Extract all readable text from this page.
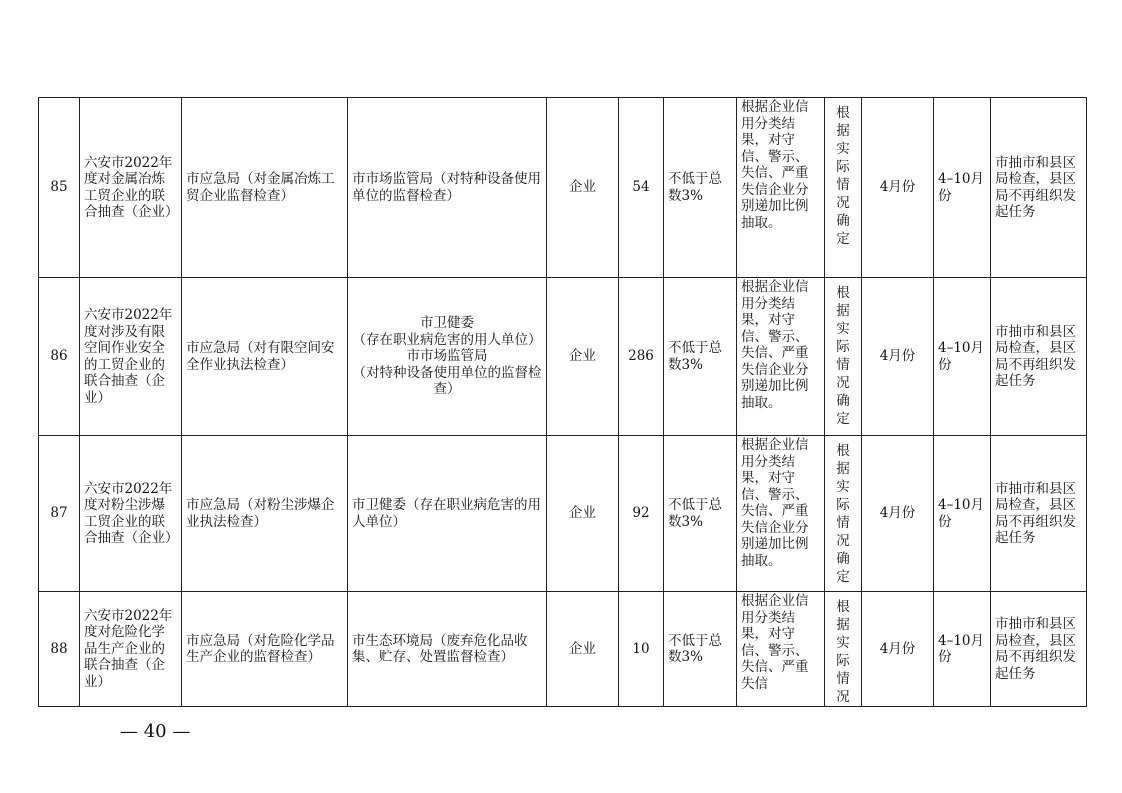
85	六安市2022年度对金属冶炼工贸企业的联合抽查（企业）	市应急局（对金属冶炼工贸企业监督检查）	市市场监管局（对特种设备使用单位的监督检查）	企业	54	不低于总数3%	根据企业信用分类结果，对守信、警示、失信、严重失信企业分别递加比例抽取。	根据实际情况确定	4月份	4–10月份	市抽市和县区局检查，县区局不再组织发起任务
86	六安市2022年度对涉及有限空间作业安全的工贸企业的联合抽查（企业）	市应急局（对有限空间安全作业执法检查）	市卫健委
（存在职业病危害的用人单位）
市市场监管局
（对特种设备使用单位的监督检查）	企业	286	不低于总数3%	根据企业信用分类结果，对守信、警示、失信、严重失信企业分别递加比例抽取。	根据实际情况确定	4月份	4–10月份	市抽市和县区局检查，县区局不再组织发起任务
87	六安市2022年度对粉尘涉爆工贸企业的联合抽查（企业）	市应急局（对粉尘涉爆企业执法检查）	市卫健委（存在职业病危害的用人单位）	企业	92	不低于总数3%	根据企业信用分类结果，对守信、警示、失信、严重失信企业分别递加比例抽取。	根据实际情况确定	4月份	4–10月份	市抽市和县区局检查，县区局不再组织发起任务
88	六安市2022年度对危险化学品生产企业的联合抽查（企业）	市应急局（对危险化学品生产企业的监督检查）	市生态环境局（废弃危化品收集、贮存、处置监督检查）	企业	10	不低于总数3%	根据企业信用分类结果，对守信、警示、失信、严重失信	根据实际情况	4月份	4–10月份	市抽市和县区局检查，县区局不再组织发起任务
— 40 —
